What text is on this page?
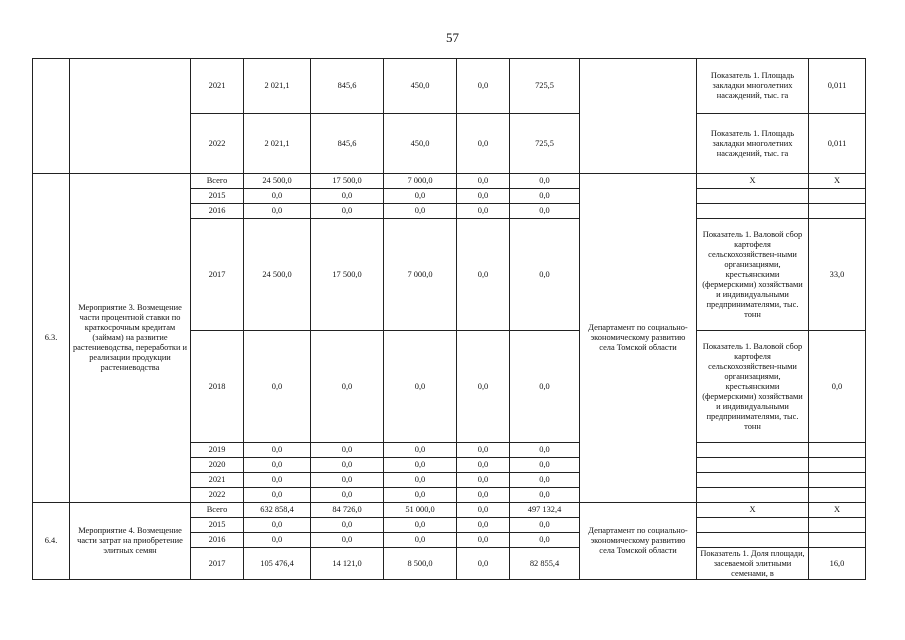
57
		2021	2 021,1	845,6	450,0	0,0	725,5		Показатель 1. Площадь закладки многолетних насаждений, тыс. га	0,011
		2022	2 021,1	845,6	450,0	0,0	725,5		Показатель 1. Площадь закладки многолетних насаждений, тыс. га	0,011
6.3.	Мероприятие 3. Возмещение части процентной ставки по краткосрочным кредитам (займам) на развитие растениеводства, переработки и реализации продукции растениеводства	Всего	24 500,0	17 500,0	7 000,0	0,0	0,0	Департамент по социально-экономическому развитию села Томской области	Х	Х
		2015	0,0	0,0	0,0	0,0	0,0			
		2016	0,0	0,0	0,0	0,0	0,0			
		2017	24 500,0	17 500,0	7 000,0	0,0	0,0		Показатель 1. Валовой сбор картофеля сельскохозяйствен-ными организациями, крестьянскими (фермерскими) хозяйствами и индивидуальными предпринимателями, тыс. тонн	33,0
		2018	0,0	0,0	0,0	0,0	0,0		Показатель 1. Валовой сбор картофеля сельскохозяйствен-ными организациями, крестьянскими (фермерскими) хозяйствами и индивидуальными предпринимателями, тыс. тонн	0,0
		2019	0,0	0,0	0,0	0,0	0,0			
		2020	0,0	0,0	0,0	0,0	0,0			
		2021	0,0	0,0	0,0	0,0	0,0			
		2022	0,0	0,0	0,0	0,0	0,0			
6.4.	Мероприятие 4. Возмещение части затрат на приобретение элитных семян	Всего	632 858,4	84 726,0	51 000,0	0,0	497 132,4	Департамент по социально-экономическому развитию села Томской области	Х	Х
		2015	0,0	0,0	0,0	0,0	0,0			
		2016	0,0	0,0	0,0	0,0	0,0			
		2017	105 476,4	14 121,0	8 500,0	0,0	82 855,4		Показатель 1. Доля площади, засеваемой элитными семенами, в	16,0
